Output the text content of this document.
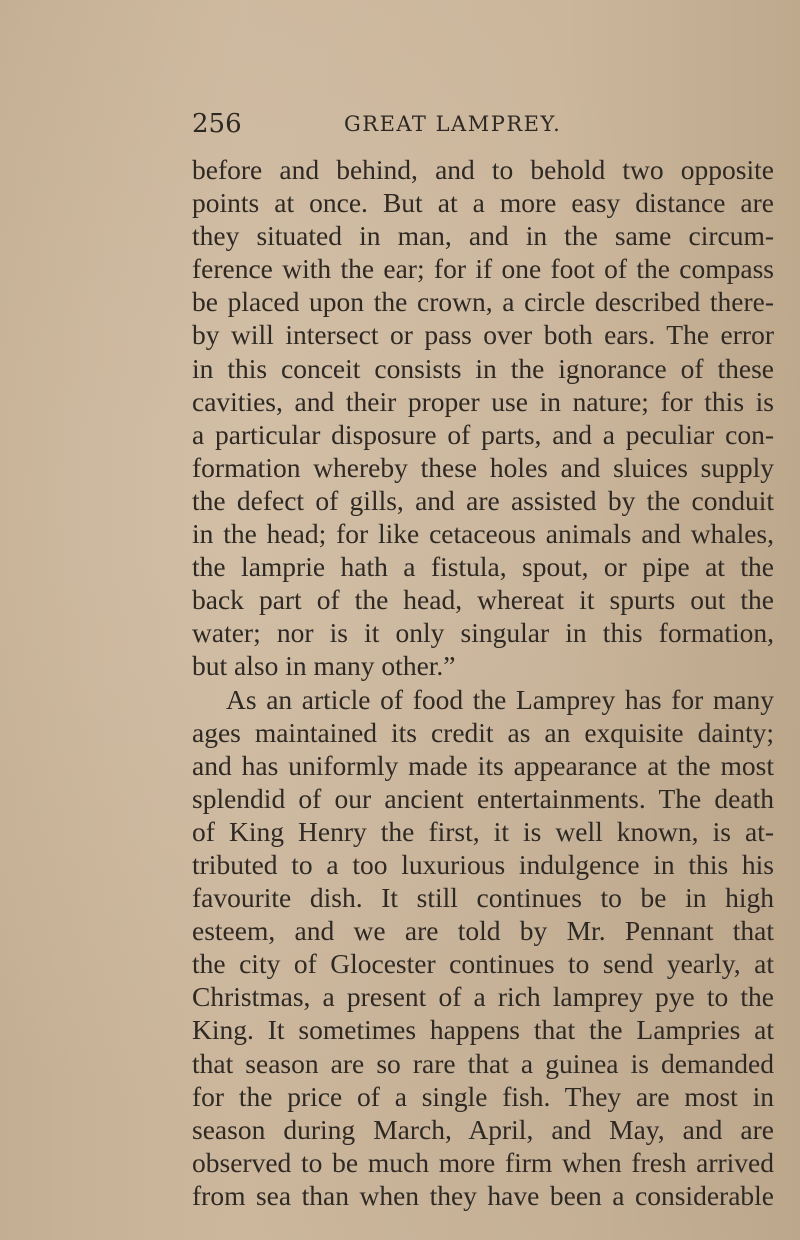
256	GREAT LAMPREY.
before and behind, and to behold two opposite
points at once. But at a more easy distance are
they situated in man, and in the same circum-
ference with the ear; for if one foot of the compass
be placed upon the crown, a circle described there-
by will intersect or pass over both ears. The error
in this conceit consists in the ignorance of these
cavities, and their proper use in nature; for this is
a particular disposure of parts, and a peculiar con-
formation whereby these holes and sluices supply
the defect of gills, and are assisted by the conduit
in the head; for like cetaceous animals and whales,
the lamprie hath a fistula, spout, or pipe at the
back part of the head, whereat it spurts out the
water; nor is it only singular in this formation,
but also in many other.”
As an article of food the Lamprey has for many
ages maintained its credit as an exquisite dainty;
and has uniformly made its appearance at the most
splendid of our ancient entertainments. The death
of King Henry the first, it is well known, is at-
tributed to a too luxurious indulgence in this his
favourite dish. It still continues to be in high
esteem, and we are told by Mr. Pennant that
the city of Glocester continues to send yearly, at
Christmas, a present of a rich lamprey pye to the
King. It sometimes happens that the Lampries at
that season are so rare that a guinea is demanded
for the price of a single fish. They are most in
season during March, April, and May, and are
observed to be much more firm when fresh arrived
from sea than when they have been a considerable
